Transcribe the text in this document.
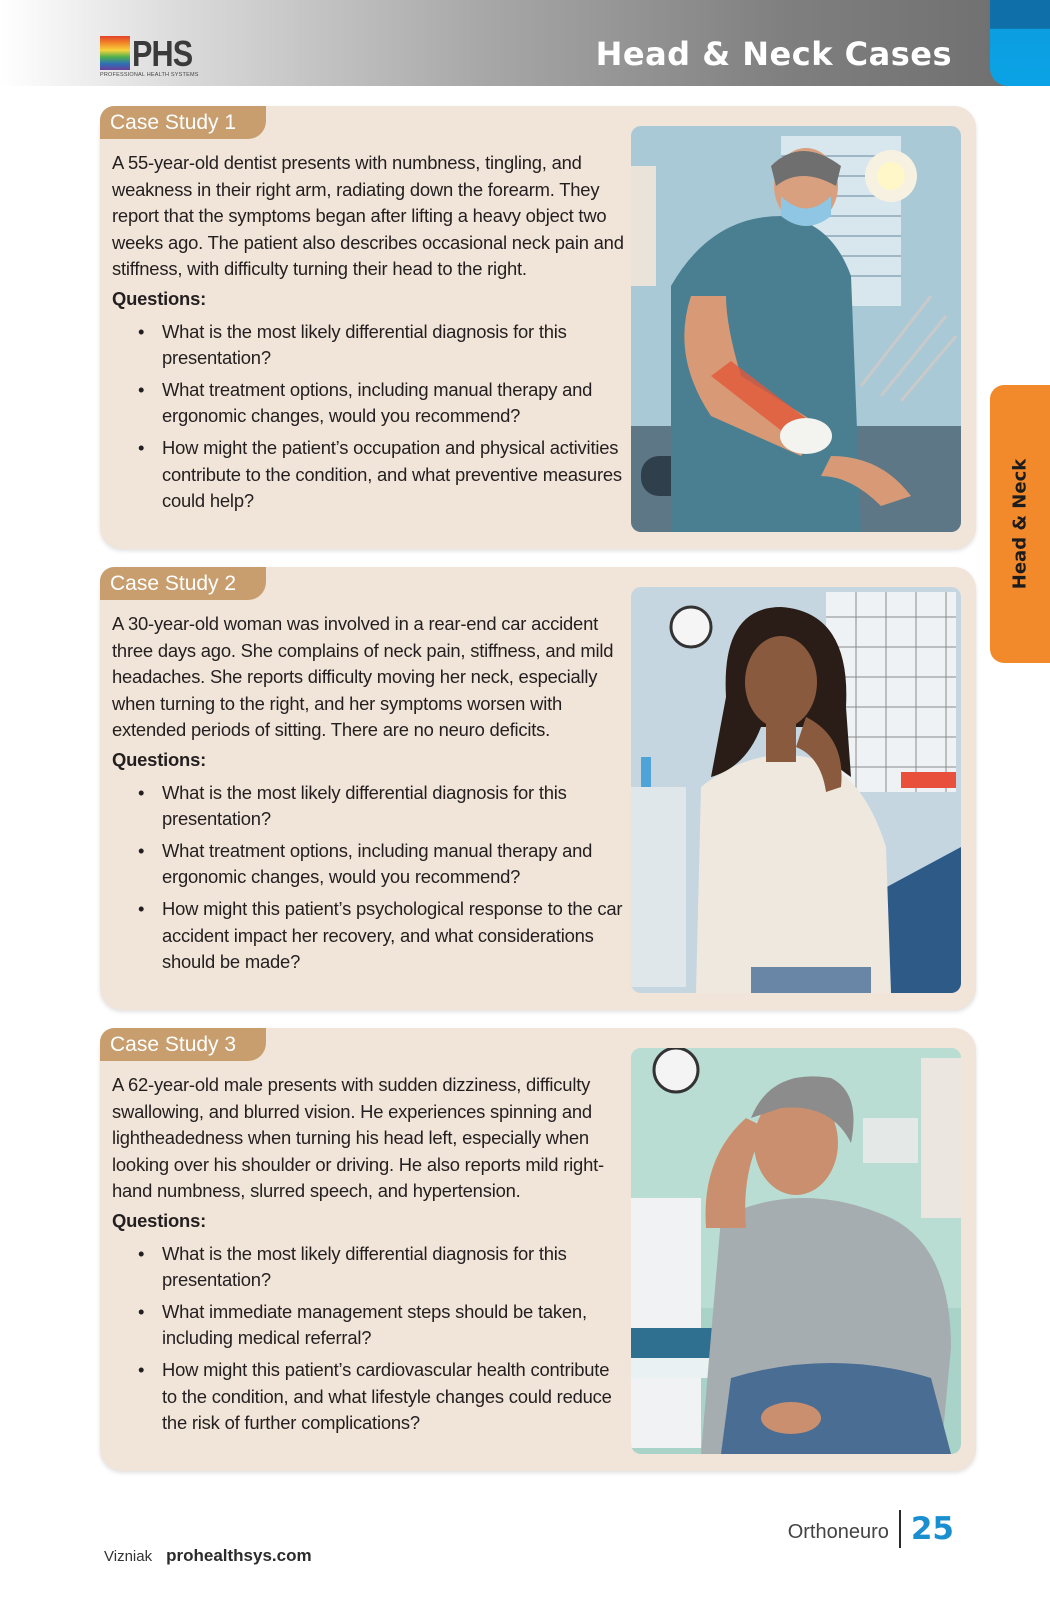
PHS
PROFESSIONAL HEALTH SYSTEMS
Head & Neck Cases
Head & Neck
Case Study 1

A 55-year-old dentist presents with numbness, tingling, and weakness in their right arm, radiating down the forearm. They report that the symptoms began after lifting a heavy object two weeks ago. The patient also describes occasional neck pain and stiffness, with difficulty turning their head to the right.

Questions:

• What is the most likely differential diagnosis for this presentation?
• What treatment options, including manual therapy and ergonomic changes, would you recommend?
• How might the patient’s occupation and physical activities contribute to the condition, and what preventive measures could help?
Case Study 2

A 30-year-old woman was involved in a rear-end car accident three days ago. She complains of neck pain, stiffness, and mild headaches. She reports difficulty moving her neck, especially when turning to the right, and her symptoms worsen with extended periods of sitting. There are no neuro deficits.

Questions:

• What is the most likely differential diagnosis for this presentation?
• What treatment options, including manual therapy and ergonomic changes, would you recommend?
• How might this patient’s psychological response to the car accident impact her recovery, and what considerations should be made?
Case Study 3

A 62-year-old male presents with sudden dizziness, difficulty swallowing, and blurred vision. He experiences spinning and lightheadedness when turning his head left, especially when looking over his shoulder or driving. He also reports mild right-hand numbness, slurred speech, and hypertension.

Questions:

• What is the most likely differential diagnosis for this presentation?
• What immediate management steps should be taken, including medical referral?
• How might this patient’s cardiovascular health contribute to the condition, and what lifestyle changes could reduce the risk of further complications?
Vizniak prohealthsys.com
Orthoneuro 25
